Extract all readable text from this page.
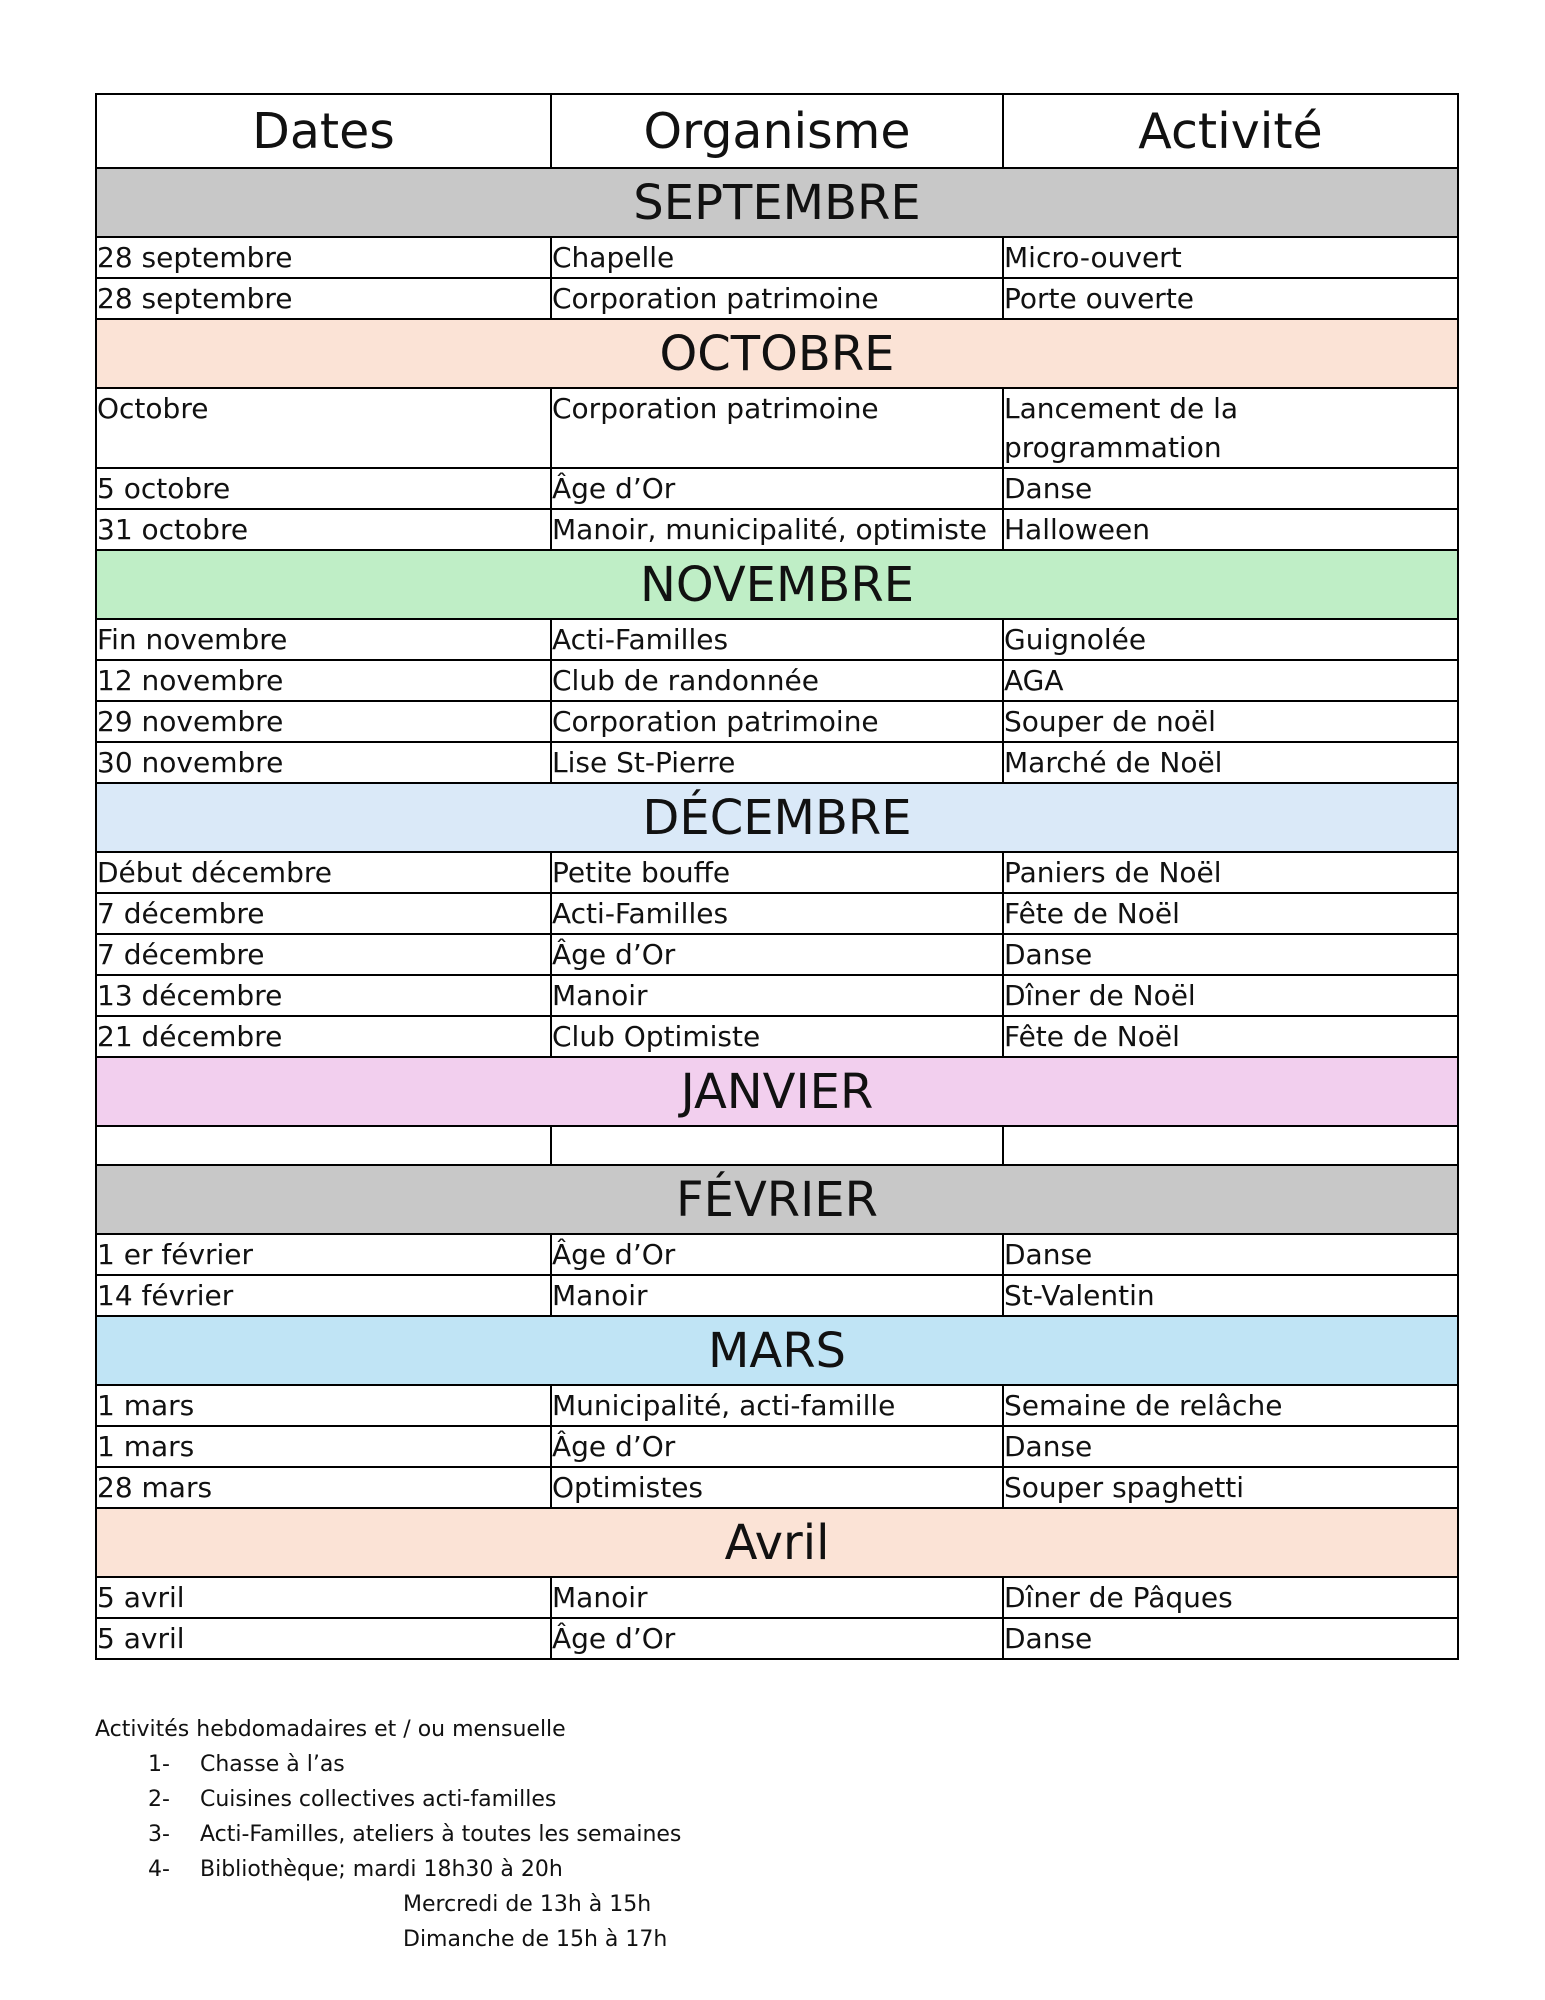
Dates	Organisme	Activité
SEPTEMBRE		
28 septembre	Chapelle	Micro-ouvert
28 septembre	Corporation patrimoine	Porte ouverte
OCTOBRE		
Octobre	Corporation patrimoine	Lancement de la programmation
5 octobre	Âge d’Or	Danse
31 octobre	Manoir, municipalité, optimiste	Halloween
NOVEMBRE		
Fin novembre	Acti-Familles	Guignolée
12 novembre	Club de randonnée	AGA
29 novembre	Corporation patrimoine	Souper de noël
30 novembre	Lise St-Pierre	Marché de Noël
DÉCEMBRE		
Début décembre	Petite bouffe	Paniers de Noël
7 décembre	Acti-Familles	Fête de Noël
7 décembre	Âge d’Or	Danse
13 décembre	Manoir	Dîner de Noël
21 décembre	Club Optimiste	Fête de Noël
JANVIER		

FÉVRIER		
1 er février	Âge d’Or	Danse
14 février	Manoir	St-Valentin
MARS		
1 mars	Municipalité, acti-famille	Semaine de relâche
1 mars	Âge d’Or	Danse
28 mars	Optimistes	Souper spaghetti
Avril		
5 avril	Manoir	Dîner de Pâques
5 avril	Âge d’Or	Danse

Activités hebdomadaires et / ou mensuelle

1-	Chasse à l’as
2-	Cuisines collectives acti-familles
3-	Acti-Familles, ateliers à toutes les semaines
4-	Bibliothèque; mardi 18h30 à 20h

Mercredi de 13h à 15h

Dimanche de 15h à 17h
